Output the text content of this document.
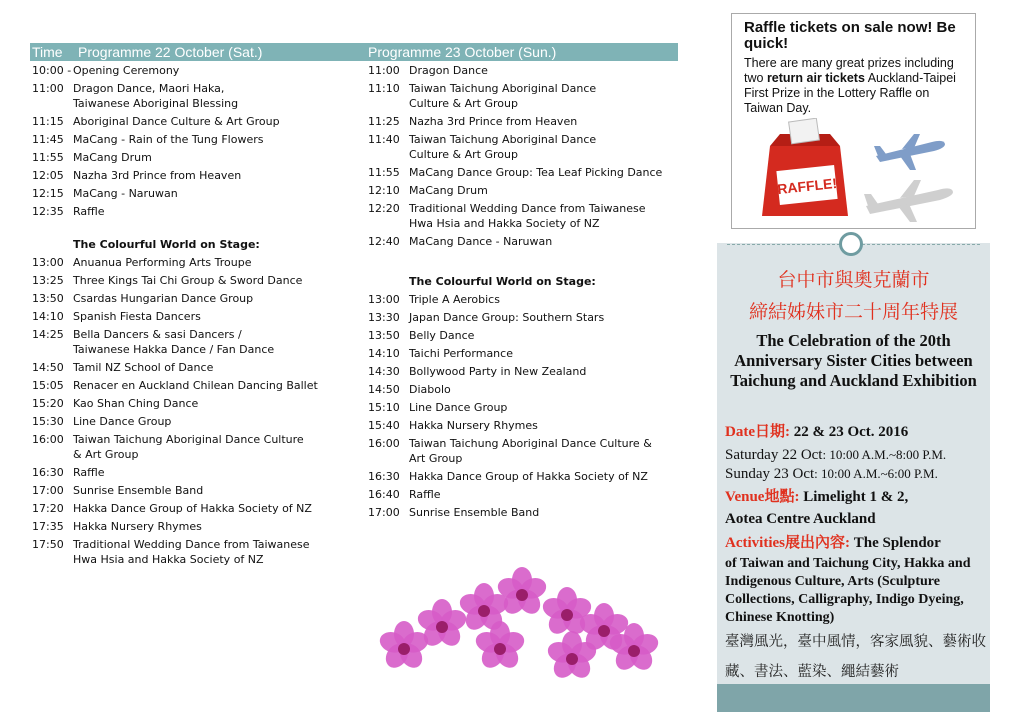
Time	Programme 22 October (Sat.)	Programme 23 October (Sun.)
10:00 - Opening Ceremony
11:00 Dragon Dance, Maori Haka,
Taiwanese Aboriginal Blessing
11:15 Aboriginal Dance Culture & Art Group
11:45 MaCang - Rain of the Tung Flowers
11:55 MaCang Drum
12:05 Nazha 3rd Prince from Heaven
12:15 MaCang - Naruwan
12:35 Raffle
The Colourful World on Stage:
13:00 Anuanua Performing Arts Troupe
13:25 Three Kings Tai Chi Group & Sword Dance
13:50 Csardas Hungarian Dance Group
14:10 Spanish Fiesta Dancers
14:25 Bella Dancers & sasi Dancers /
Taiwanese Hakka Dance / Fan Dance
14:50 Tamil NZ School of Dance
15:05 Renacer en Auckland Chilean Dancing Ballet
15:20 Kao Shan Ching Dance
15:30 Line Dance Group
16:00 Taiwan Taichung Aboriginal Dance Culture
& Art Group
16:30 Raffle
17:00 Sunrise Ensemble Band
17:20 Hakka Dance Group of Hakka Society of NZ
17:35 Hakka Nursery Rhymes
17:50 Traditional Wedding Dance from Taiwanese
Hwa Hsia and Hakka Society of NZ
11:00 Dragon Dance
11:10 Taiwan Taichung Aboriginal Dance
Culture & Art Group
11:25 Nazha 3rd Prince from Heaven
11:40 Taiwan Taichung Aboriginal Dance
Culture & Art Group
11:55 MaCang Dance Group: Tea Leaf Picking Dance
12:10 MaCang Drum
12:20 Traditional Wedding Dance from Taiwanese
Hwa Hsia and Hakka Society of NZ
12:40 MaCang Dance - Naruwan
The Colourful World on Stage:
13:00 Triple A Aerobics
13:30 Japan Dance Group: Southern Stars
13:50 Belly Dance
14:10 Taichi Performance
14:30 Bollywood Party in New Zealand
14:50 Diabolo
15:10 Line Dance Group
15:40 Hakka Nursery Rhymes
16:00 Taiwan Taichung Aboriginal Dance Culture &
Art Group
16:30 Hakka Dance Group of Hakka Society of NZ
16:40 Raffle
17:00 Sunrise Ensemble Band
Raffle tickets on sale now! Be quick!
There are many great prizes including two return air tickets Auckland-Taipei First Prize in the Lottery Raffle on Taiwan Day.
RAFFLE!
台中市與奧克蘭市
締結姊妹市二十周年特展
The Celebration of the 20th Anniversary Sister Cities between Taichung and Auckland Exhibition
Date日期: 22 & 23 Oct. 2016
Saturday 22 Oct: 10:00 A.M.~8:00 P.M.
Sunday 23 Oct: 10:00 A.M.~6:00 P.M.
Venue地點: Limelight 1 & 2,
Aotea Centre Auckland
Activities展出內容: The Splendor
of Taiwan and Taichung City, Hakka and Indigenous Culture, Arts (Sculpture Collections, Calligraphy, Indigo Dyeing, Chinese Knotting)
臺灣風光，臺中風情，客家風貌、藝術收藏、書法、藍染、繩結藝術
